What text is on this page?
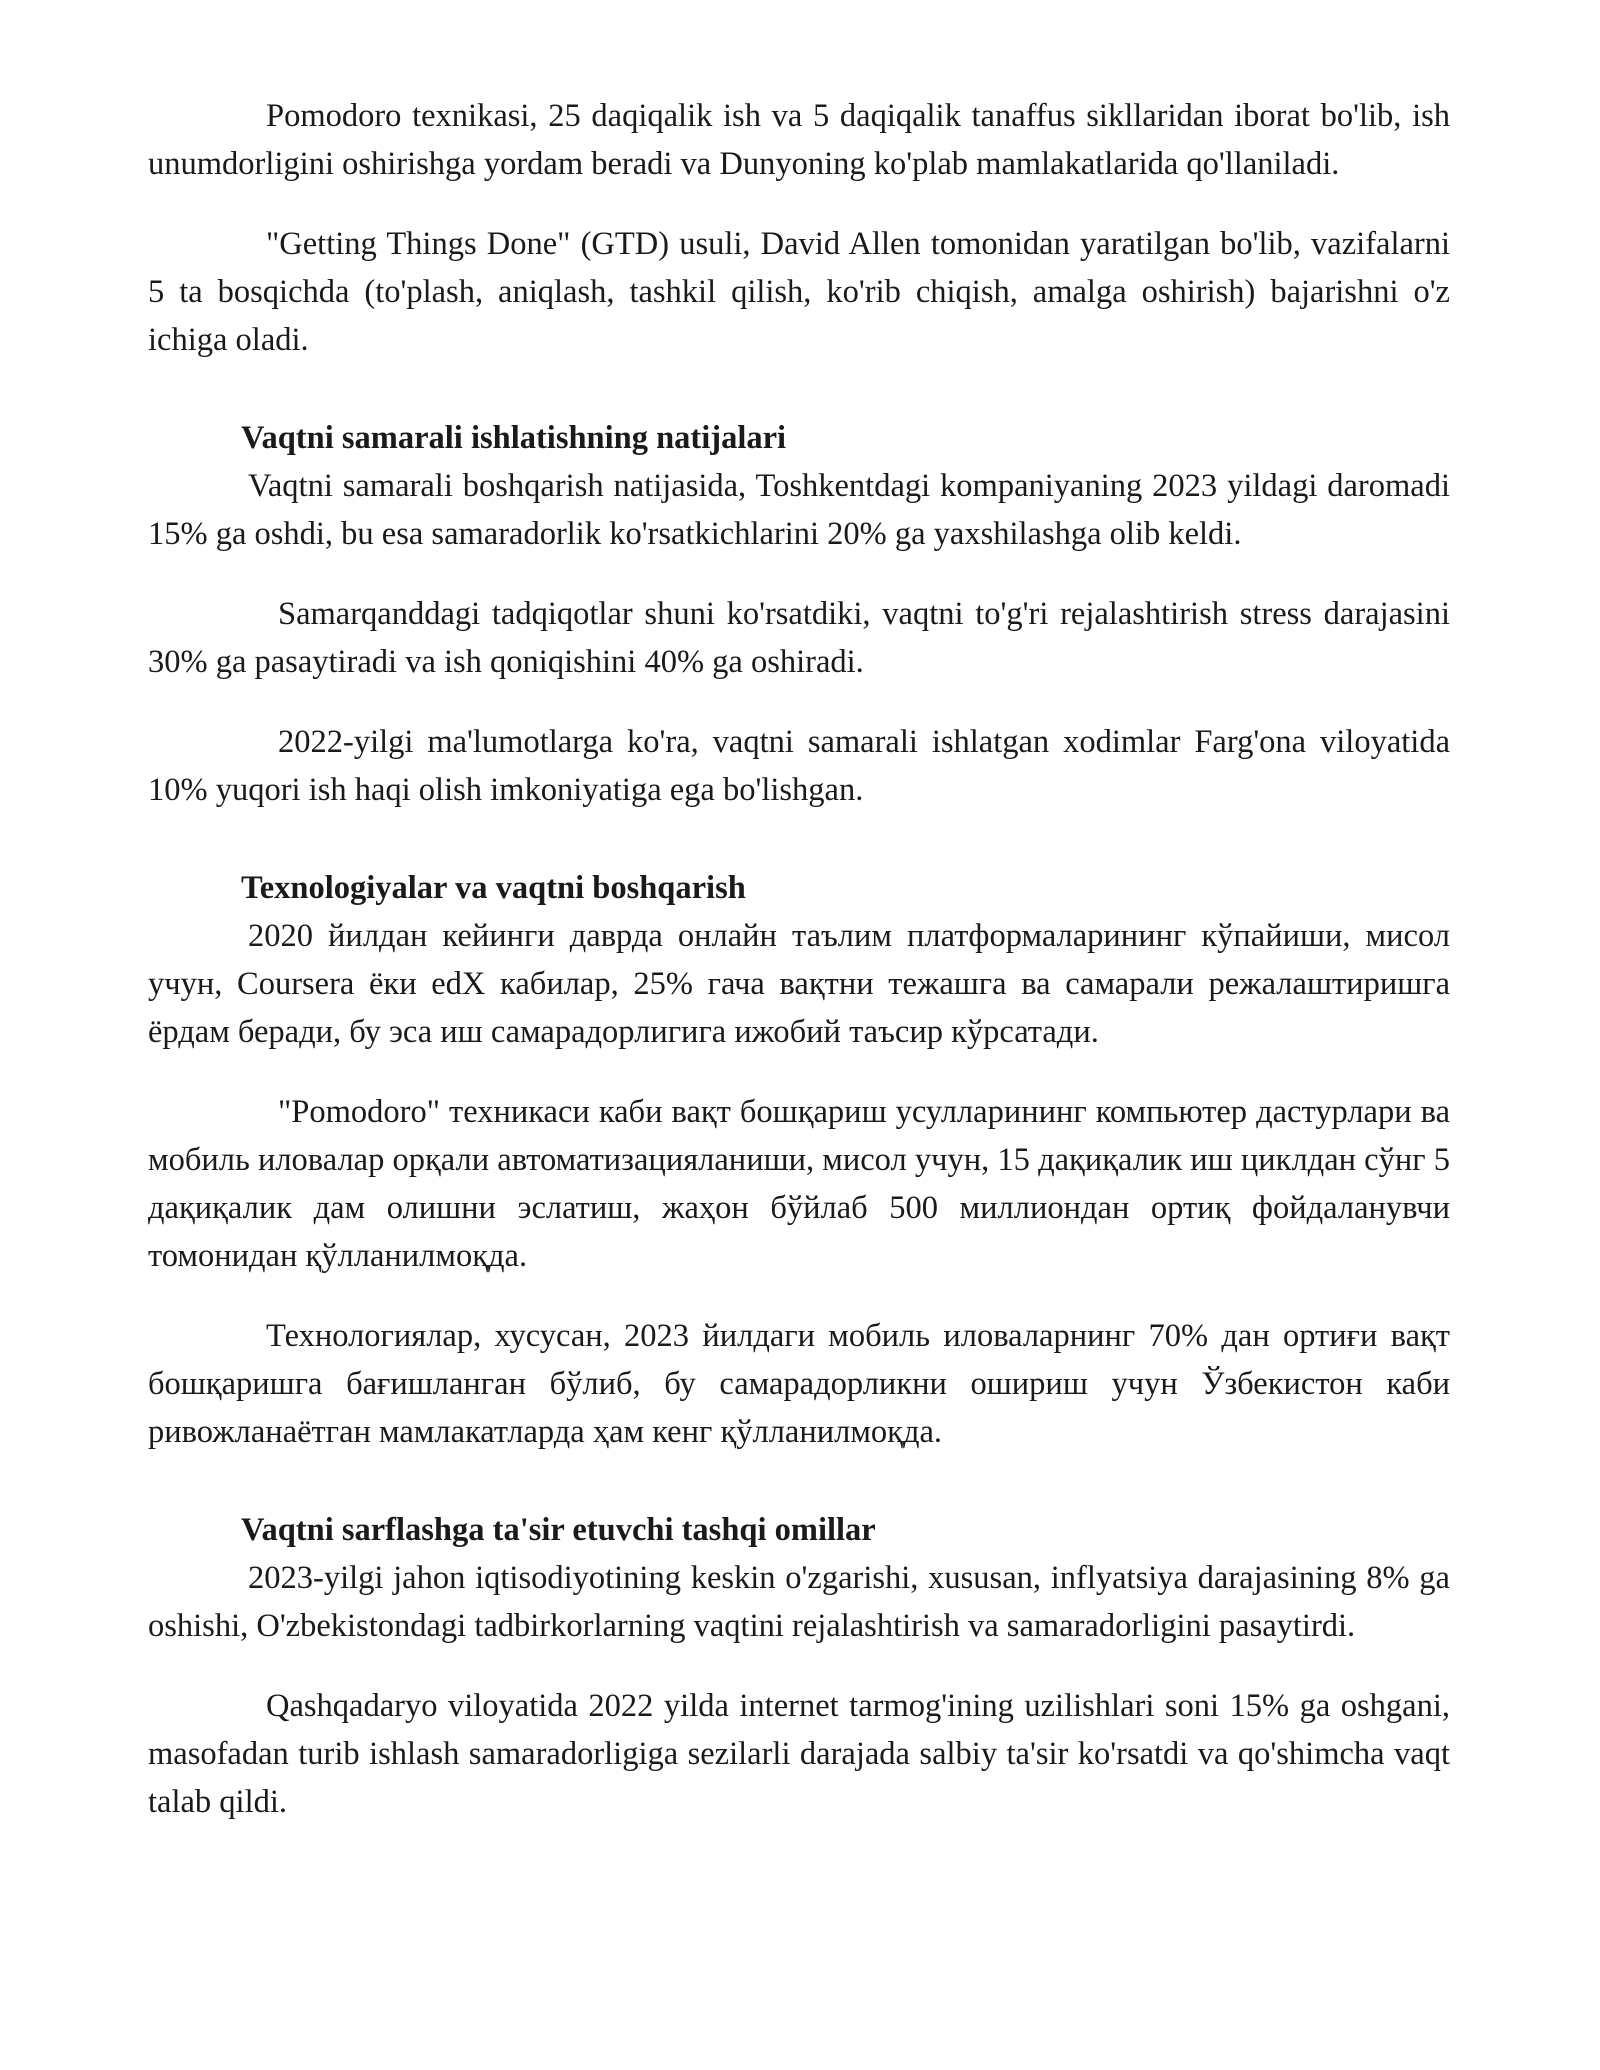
Pomodoro texnikasi, 25 daqiqalik ish va 5 daqiqalik tanaffus sikllaridan iborat bo'lib, ish unumdorligini oshirishga yordam beradi va Dunyoning ko'plab mamlakatlarida qo'llaniladi.

"Getting Things Done" (GTD) usuli, David Allen tomonidan yaratilgan bo'lib, vazifalarni 5 ta bosqichda (to'plash, aniqlash, tashkil qilish, ko'rib chiqish, amalga oshirish) bajarishni o'z ichiga oladi.

Vaqtni samarali ishlatishning natijalari

Vaqtni samarali boshqarish natijasida, Toshkentdagi kompaniyaning 2023 yildagi daromadi 15% ga oshdi, bu esa samaradorlik ko'rsatkichlarini 20% ga yaxshilashga olib keldi.

Samarqanddagi tadqiqotlar shuni ko'rsatdiki, vaqtni to'g'ri rejalashtirish stress darajasini 30% ga pasaytiradi va ish qoniqishini 40% ga oshiradi.

2022-yilgi ma'lumotlarga ko'ra, vaqtni samarali ishlatgan xodimlar Farg'ona viloyatida 10% yuqori ish haqi olish imkoniyatiga ega bo'lishgan.

Texnologiyalar va vaqtni boshqarish

2020 йилдан кейинги даврда онлайн таълим платформаларининг кўпайиши, мисол учун, Coursera ёки edX кабилар, 25% гача вақтни тежашга ва самарали режалаштиришга ёрдам беради, бу эса иш самарадорлигига ижобий таъсир кўрсатади.

"Pomodoro" техникаси каби вақт бошқариш усулларининг компьютер дастурлари ва мобиль иловалар орқали автоматизацияланиши, мисол учун, 15 дақиқалик иш циклдан сўнг 5 дақиқалик дам олишни эслатиш, жаҳон бўйлаб 500 миллиондан ортиқ фойдаланувчи томонидан қўлланилмоқда.

Технологиялар, хусусан, 2023 йилдаги мобиль иловаларнинг 70% дан ортиғи вақт бошқаришга бағишланган бўлиб, бу самарадорликни ошириш учун Ўзбекистон каби ривожланаётган мамлакатларда ҳам кенг қўлланилмоқда.

Vaqtni sarflashga ta'sir etuvchi tashqi omillar

2023-yilgi jahon iqtisodiyotining keskin o'zgarishi, xususan, inflyatsiya darajasining 8% ga oshishi, O'zbekistondagi tadbirkorlarning vaqtini rejalashtirish va samaradorligini pasaytirdi.

Qashqadaryo viloyatida 2022 yilda internet tarmog'ining uzilishlari soni 15% ga oshgani, masofadan turib ishlash samaradorligiga sezilarli darajada salbiy ta'sir ko'rsatdi va qo'shimcha vaqt talab qildi.
